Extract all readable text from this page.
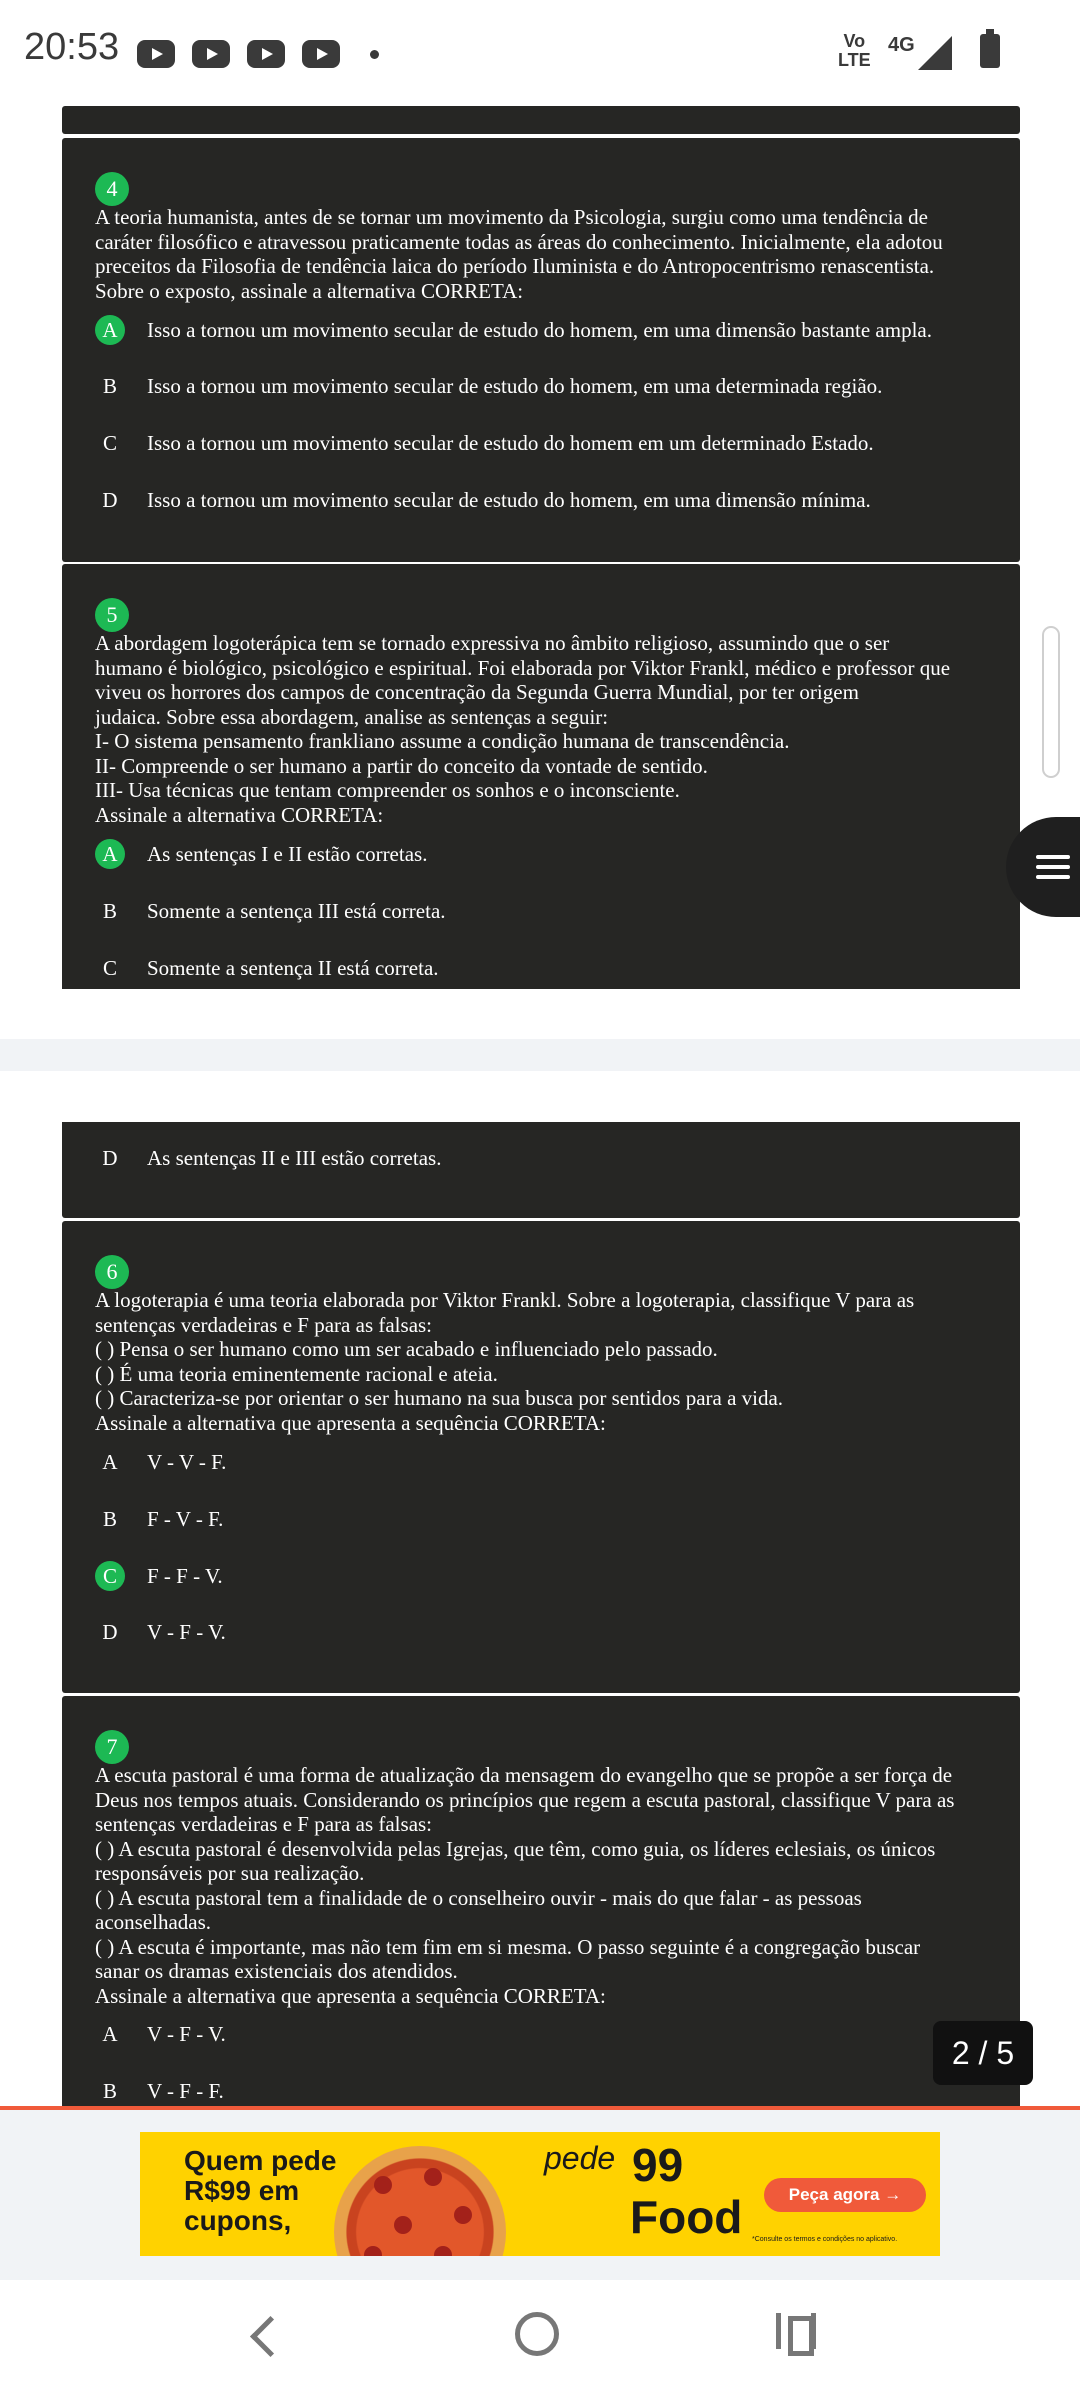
20:53	Vo
LTE
4G
4
A teoria humanista, antes de se tornar um movimento da Psicologia, surgiu como uma tendência de
caráter filosófico e atravessou praticamente todas as áreas do conhecimento. Inicialmente, ela adotou
preceitos da Filosofia de tendência laica do período Iluminista e do Antropocentrismo renascentista.
Sobre o exposto, assinale a alternativa CORRETA:
A	Isso a tornou um movimento secular de estudo do homem, em uma dimensão bastante ampla.
B	Isso a tornou um movimento secular de estudo do homem, em uma determinada região.
C	Isso a tornou um movimento secular de estudo do homem em um determinado Estado.
D	Isso a tornou um movimento secular de estudo do homem, em uma dimensão mínima.
5
A abordagem logoterápica tem se tornado expressiva no âmbito religioso, assumindo que o ser
humano é biológico, psicológico e espiritual. Foi elaborada por Viktor Frankl, médico e professor que
viveu os horrores dos campos de concentração da Segunda Guerra Mundial, por ter origem
judaica. Sobre essa abordagem, analise as sentenças a seguir:
I- O sistema pensamento frankliano assume a condição humana de transcendência.
II- Compreende o ser humano a partir do conceito da vontade de sentido.
III- Usa técnicas que tentam compreender os sonhos e o inconsciente.
Assinale a alternativa CORRETA:
A	As sentenças I e II estão corretas.
B	Somente a sentença III está correta.
C	Somente a sentença II está correta.
D	As sentenças II e III estão corretas.
6
A logoterapia é uma teoria elaborada por Viktor Frankl. Sobre a logoterapia, classifique V para as
sentenças verdadeiras e F para as falsas:
( ) Pensa o ser humano como um ser acabado e influenciado pelo passado.
( ) É uma teoria eminentemente racional e ateia.
( ) Caracteriza-se por orientar o ser humano na sua busca por sentidos para a vida.
Assinale a alternativa que apresenta a sequência CORRETA:
A	V - V - F.
B	F - V - F.
C	F - F - V.
D	V - F - V.
7
A escuta pastoral é uma forma de atualização da mensagem do evangelho que se propõe a ser força de
Deus nos tempos atuais. Considerando os princípios que regem a escuta pastoral, classifique V para as
sentenças verdadeiras e F para as falsas:
( ) A escuta pastoral é desenvolvida pelas Igrejas, que têm, como guia, os líderes eclesiais, os únicos
responsáveis por sua realização.
( ) A escuta pastoral tem a finalidade de o conselheiro ouvir - mais do que falar - as pessoas
aconselhadas.
( ) A escuta é importante, mas não tem fim em si mesma. O passo seguinte é a congregação buscar
sanar os dramas existenciais dos atendidos.
Assinale a alternativa que apresenta a sequência CORRETA:
A	V - F - V.
B	V - F - F.
2 / 5
Quem pede
R$99 em
cupons,
pede 99
Food	Peça agora →
*Consulte os termos e condições no aplicativo.
